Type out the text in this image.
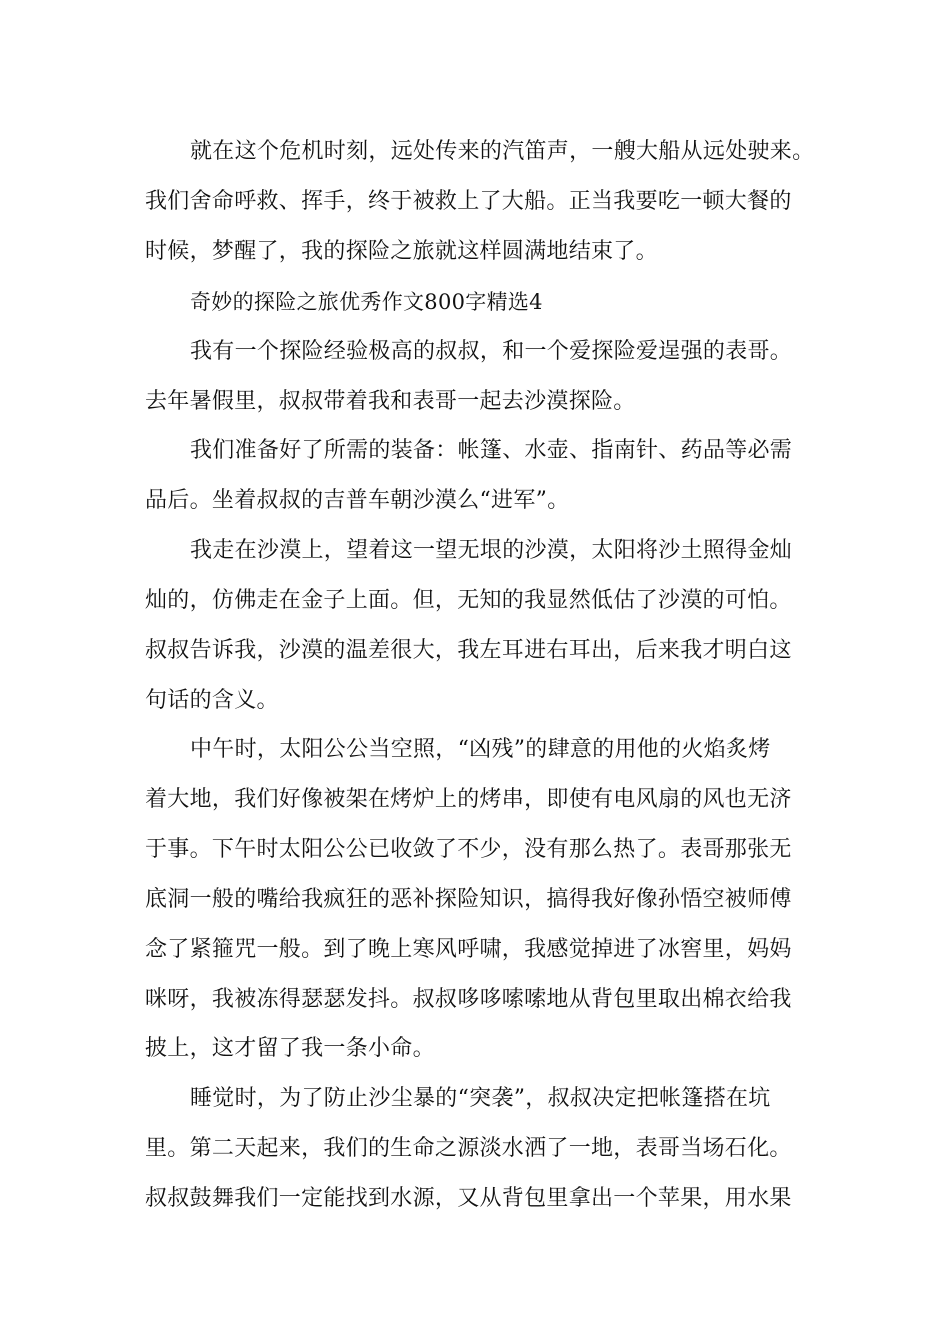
就在这个危机时刻，远处传来的汽笛声，一艘大船从远处驶来。
我们舍命呼救、挥手，终于被救上了大船。正当我要吃一顿大餐的
时候，梦醒了，我的探险之旅就这样圆满地结束了。
奇妙的探险之旅优秀作文800字精选4
我有一个探险经验极高的叔叔，和一个爱探险爱逞强的表哥。
去年暑假里，叔叔带着我和表哥一起去沙漠探险。
我们准备好了所需的装备：帐篷、水壶、指南针、药品等必需
品后。坐着叔叔的吉普车朝沙漠么“进军”。
我走在沙漠上，望着这一望无垠的沙漠，太阳将沙土照得金灿
灿的，仿佛走在金子上面。但，无知的我显然低估了沙漠的可怕。
叔叔告诉我，沙漠的温差很大，我左耳进右耳出，后来我才明白这
句话的含义。
中午时，太阳公公当空照，“凶残”的肆意的用他的火焰炙烤
着大地，我们好像被架在烤炉上的烤串，即使有电风扇的风也无济
于事。下午时太阳公公已收敛了不少，没有那么热了。表哥那张无
底洞一般的嘴给我疯狂的恶补探险知识，搞得我好像孙悟空被师傅
念了紧箍咒一般。到了晚上寒风呼啸，我感觉掉进了冰窖里，妈妈
咪呀，我被冻得瑟瑟发抖。叔叔哆哆嗦嗦地从背包里取出棉衣给我
披上，这才留了我一条小命。
睡觉时，为了防止沙尘暴的“突袭”，叔叔决定把帐篷搭在坑
里。第二天起来，我们的生命之源淡水洒了一地，表哥当场石化。
叔叔鼓舞我们一定能找到水源，又从背包里拿出一个苹果，用水果
